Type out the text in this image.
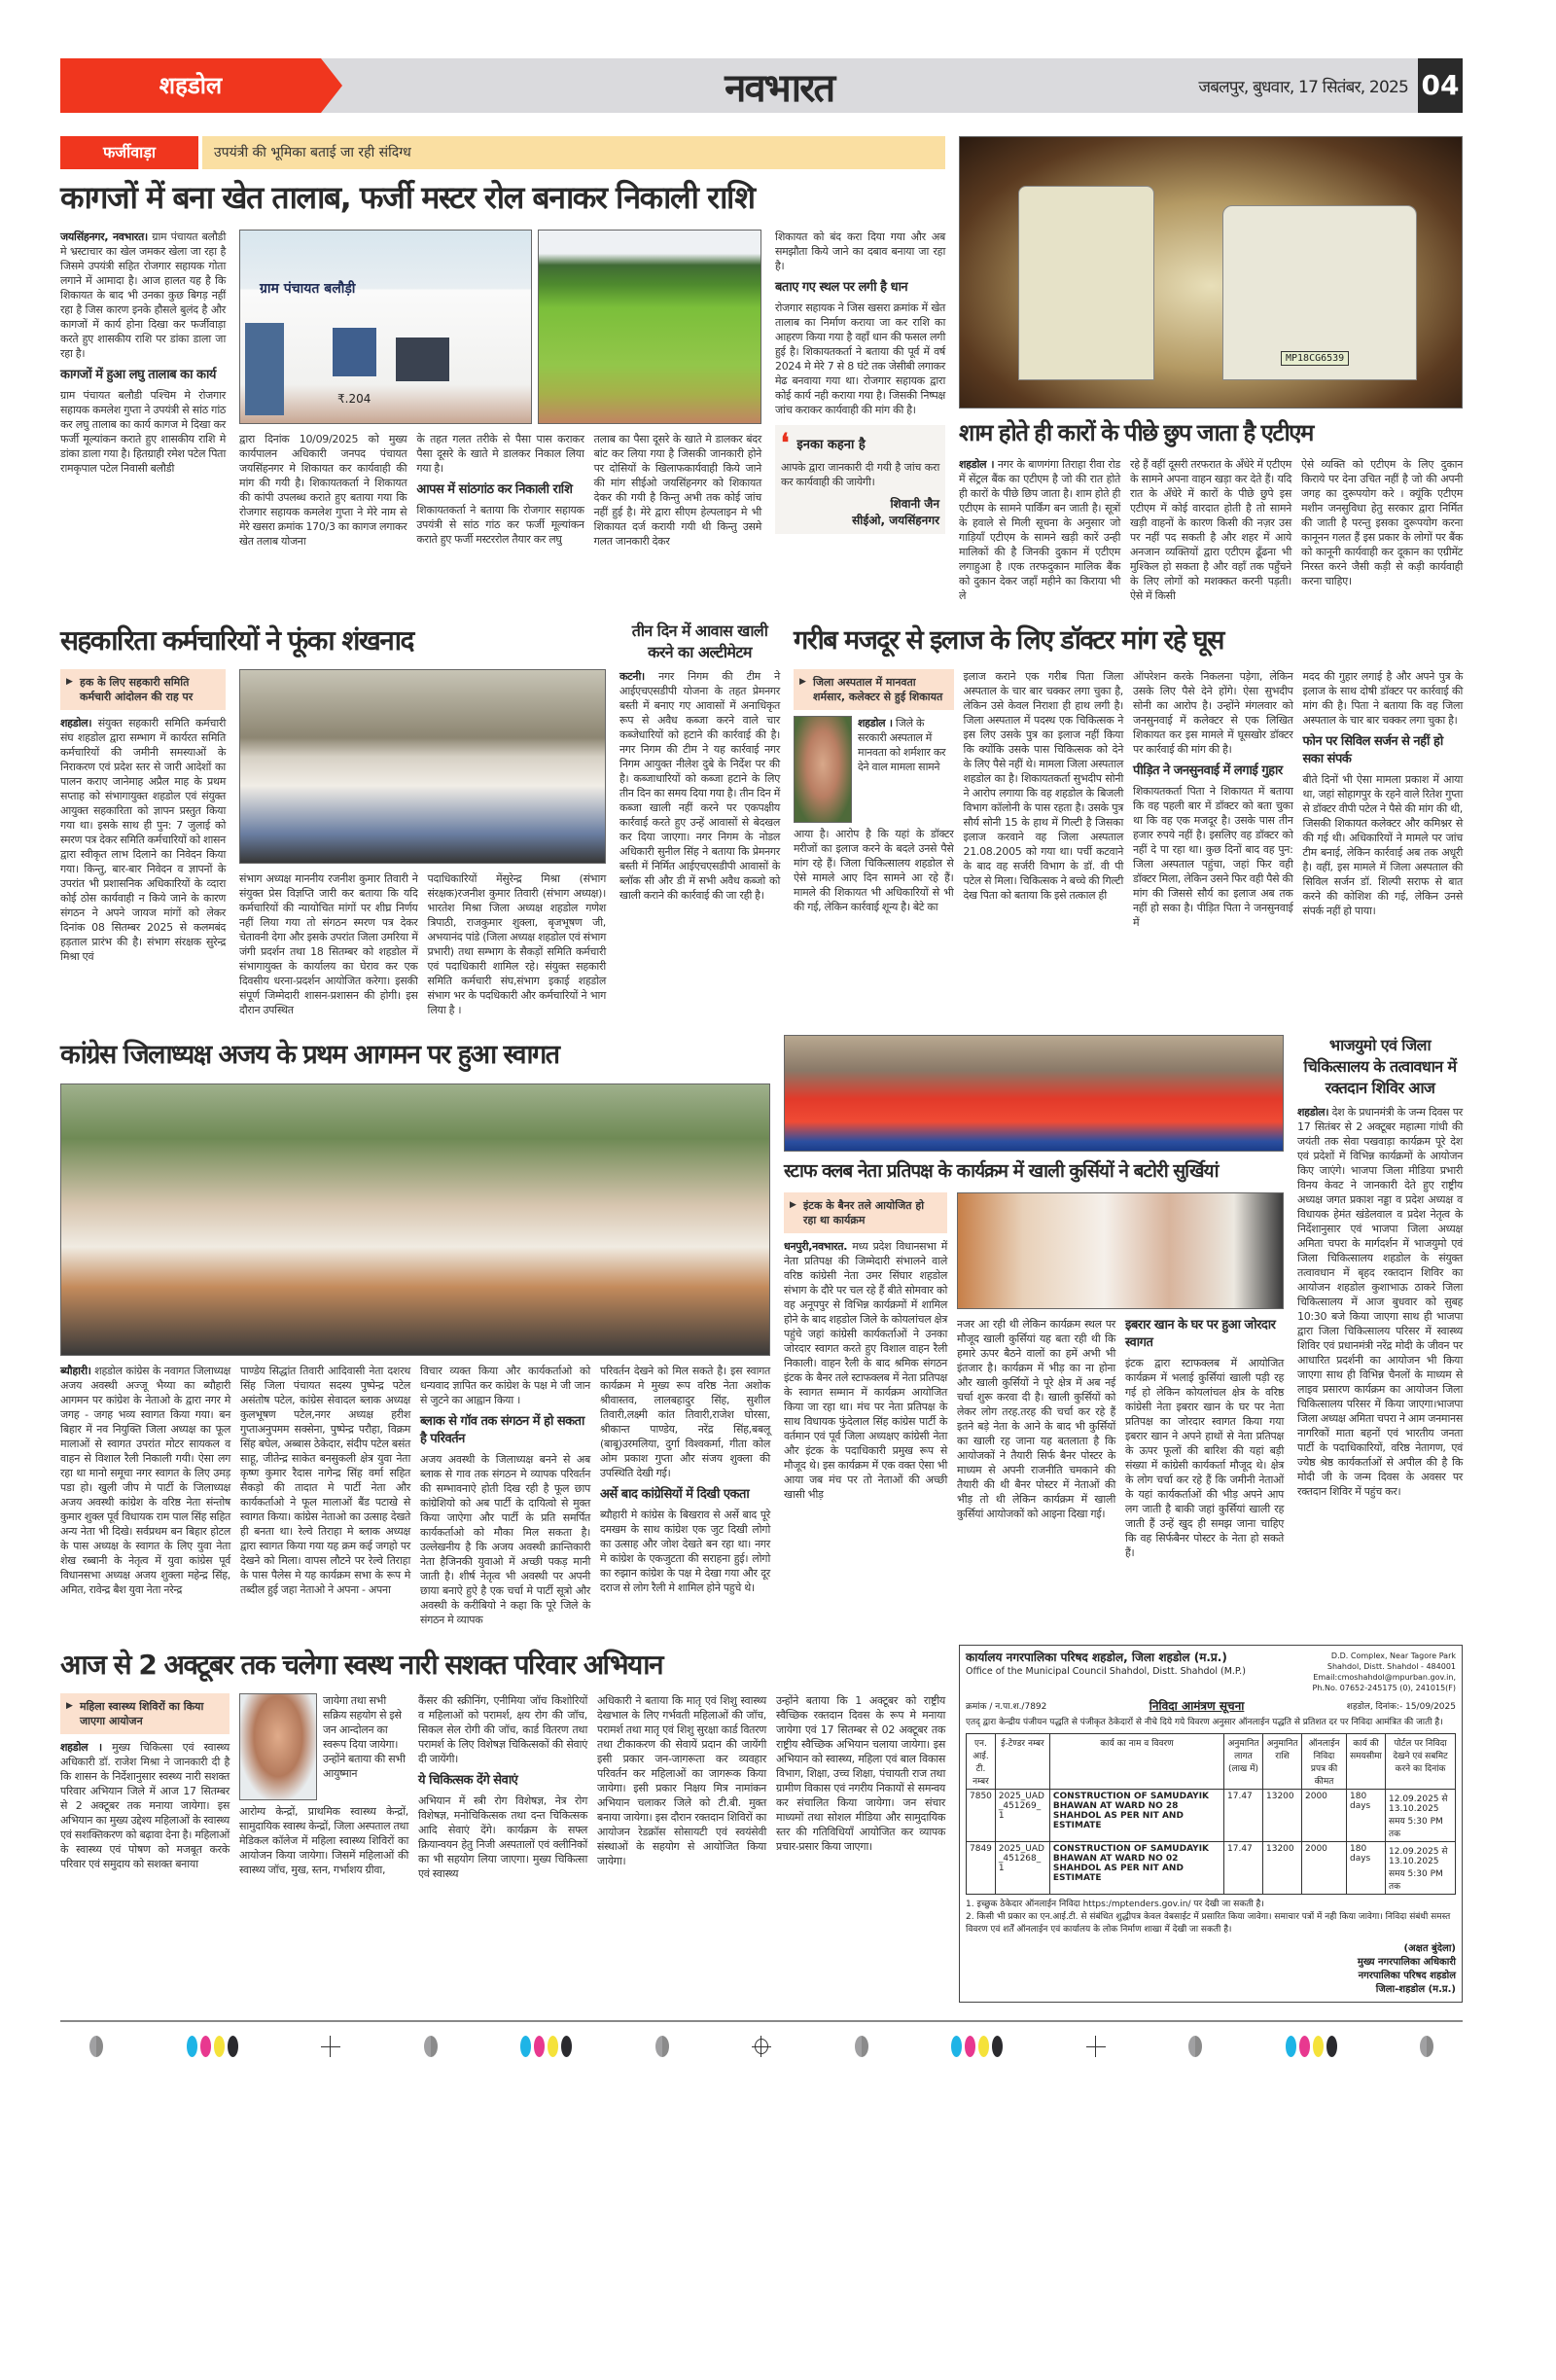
शहडोल	नवभारत	जबलपुर, बुधवार, 17 सितंबर, 2025 04
फर्जीवाड़ा	उपयंत्री की भूमिका बताई जा रही संदिग्ध
कागजों में बना खेत तालाब, फर्जी मस्टर रोल बनाकर निकाली राशि
जयसिंहनगर, नवभारत। ग्राम पंचायत बलौडी मे भ्रस्टाचार का खेल जमकर खेला जा रहा है जिसमे उपयंत्री सहित रोजगार सहायक गोता लगाने में आमादा है। आज हालत यह है कि शिकायत के बाद भी उनका कुछ बिगड़ नहीं रहा है जिस कारण इनके हौसले बुलंद है और कागजों में कार्य होना दिखा कर फर्जीवाड़ा करते हुए शासकीय राशि पर डांका डाला जा रहा है।
कागजों में हुआ लघु तालाब का कार्य
ग्राम पंचायत बलौडी पश्चिम मे रोजगार सहायक कमलेश गुप्ता ने उपयंत्री से सांठ गांठ कर लघु तालाब का कार्य कागज मे दिखा कर फर्जी मूल्यांकन कराते हुए शासकीय राशि मे डांका डाला गया है। हितग्राही रमेश पटेल पिता रामकृपाल पटेल निवासी बलौडी
ग्राम पंचायत बलौड़ी
₹.204
द्वारा दिनांक 10/09/2025 को मुख्य कार्यपालन अधिकारी जनपद पंचायत जयसिंहनगर मे शिकायत कर कार्यवाही की मांग की गयी है। शिकायतकर्ता ने शिकायत की कांपी उपलब्ध कराते हुए बताया गया कि रोजगार सहायक कमलेश गुप्ता ने मेरे नाम से मेरे खसरा क्रमांक 170/3 का कागज लगाकर खेत तलाब योजना
के तहत गलत तरीके से पैसा पास कराकर पैसा दूसरे के खाते मे डालकर निकाल लिया गया है।
आपस में सांठगांठ कर निकाली राशि
शिकायतकर्ता ने बताया कि रोजगार सहायक उपयंत्री से सांठ गांठ कर फर्जी मूल्यांकन कराते हुए फर्जी मस्टररोल तैयार कर लघु
तलाब का पैसा दूसरे के खाते मे डालकर बंदर बांट कर लिया गया है जिसकी जानकारी होने पर दोसियों के खिलाफकार्यवाही किये जाने की मांग सीईओ जयसिंहनगर को शिकायत देकर की गयी है किन्तु अभी तक कोई जांच नहीं हुई है। मेरे द्वारा सीएम हेल्पलाइन मे भी शिकायत दर्ज करायी गयी थी किन्तु उसमे गलत जानकारी देकर
शिकायत को बंद करा दिया गया और अब समझौता किये जाने का दबाव बनाया जा रहा है।
बताए गए स्थल पर लगी है धान
रोजगार सहायक ने जिस खसरा क्रमांक में खेत तालाब का निर्माण कराया जा कर राशि का आहरण किया गया है वहाँ धान की फसल लगी हुई है। शिकायतकर्ता ने बताया की पूर्व में वर्ष 2024 मे मेरे 7 से 8 घंटे तक जेसीबी लगाकर मेढ बनवाया गया था। रोजगार सहायक द्वारा कोई कार्य नही कराया गया है। जिसकी निष्पक्ष जांच कराकर कार्यवाही की मांग की है।
❛ इनका कहना है
आपके द्वारा जानकारी दी गयी है जांच करा कर कार्यवाही की जायेगी।
शिवानी जैन
सीईओ, जयसिंहनगर
MP18CG6539
शाम होते ही कारों के पीछे छुप जाता है एटीएम
शहडोल । नगर के बाणगंगा तिराहा रीवा रोड में सेंट्रल बैंक का एटीएम है जो की रात होते ही कारों के पीछे छिप जाता है। शाम होते ही एटीएम के सामने पार्किंग बन जाती है। सूत्रों के हवाले से मिली सूचना के अनुसार जो गाड़ियाँ एटीएम के सामने खड़ी कारें उन्ही मालिकों की है जिनकी दुकान में एटीएम लगाहुआ है ।एक तरफदुकान मालिक बैंक को दुकान देकर जहाँ महीने का किराया भी ले
रहे हैं वहीं दूसरी तरफरात के अँधेरे में एटीएम के सामने अपना वाहन खड़ा कर देते हैं। यदि रात के अँधेरे में कारों के पीछे छुपे इस एटीएम में कोई वारदात होती है तो सामने खड़ी वाहनों के कारण किसी की नज़र उस पर नहीं पद सकती है और शहर में आये अनजान व्यक्तियों द्वारा एटीएम ढूँढना भी मुश्किल हो सकता है और वहाँ तक पहुँचने के लिए लोगों को मशक्कत करनी पड़ती। ऐसे में किसी
ऐसे व्यक्ति को एटीएम के लिए दुकान किराये पर देना उचित नहीं है जो की अपनी जगह का दुरूपयोग करे । क्यूंकि एटीएम मशीन जनसुविधा हेतु सरकार द्वारा निर्मित की जाती है परन्तु इसका दुरूपयोग करना कानूनन गलत हैं इस प्रकार के लोगों पर बैंक को कानूनी कार्यवाही कर दूकान का एग्रीमेंट निरस्त करने जैसी कड़ी से कड़ी कार्यवाही करना चाहिए।
सहकारिता कर्मचारियों ने फूंका शंखनाद
▶ हक के लिए सहकारी समिति कर्मचारी आंदोलन की राह पर
शहडोल। संयुक्त सहकारी समिति कर्मचारी संघ शहडोल द्वारा सम्भाग में कार्यरत समिति कर्मचारियों की जमीनी समस्याओं के निराकरण एवं प्रदेश स्तर से जारी आदेशों का पालन कराए जानेमाह अप्रैल माह के प्रथम सप्ताह को संभागायुक्त शहडोल एवं संयुक्त आयुक्त सहकारिता को ज्ञापन प्रस्तुत किया गया था। इसके साथ ही पुन: 7 जुलाई को स्मरण पत्र देकर समिति कर्मचारियों को शासन द्वारा स्वीकृत लाभ दिलाने का निवेदन किया गया। किन्तु, बार-बार निवेदन व ज्ञापनों के उपरांत भी प्रशासनिक अधिकारियों के व्दारा कोई ठोस कार्यवाही न किये जाने के कारण संगठन ने अपने जायज मांगों को लेकर दिनांक 08 सितम्बर 2025 से कलमबंद हड़ताल प्रारंभ की है। संभाग संरक्षक सुरेन्द्र मिश्रा एवं
संभाग अध्यक्ष माननीय रजनीश कुमार तिवारी ने संयुक्त प्रेस विज्ञप्ति जारी कर बताया कि यदि कर्मचारियों की न्यायोचित मांगों पर शीघ्र निर्णय नहीं लिया गया तो संगठन स्मरण पत्र देकर चेतावनी देगा और इसके उपरांत जिला उमरिया में जंगी प्रदर्शन तथा 18 सितम्बर को शहडोल में संभागायुक्त के कार्यालय का घेराव कर एक दिवसीय धरना-प्रदर्शन आयोजित करेगा। इसकी संपूर्ण जिम्मेदारी शासन-प्रशासन की होगी। इस दौरान उपस्थित
पदाधिकारियों मेंसुरेन्द्र मिश्रा (संभाग संरक्षक)रजनीश कुमार तिवारी (संभाग अध्यक्ष)। भारतेश मिश्रा जिला अध्यक्ष शहडोल गणेश त्रिपाठी, राजकुमार शुक्ला, बृजभूषण जी, अभयानंद पांडे (जिला अध्यक्ष शहडोल एवं संभाग प्रभारी) तथा सम्भाग के सैकड़ों समिति कर्मचारी एवं पदाधिकारी शामिल रहे। संयुक्त सहकारी समिति कर्मचारी संघ,संभाग इकाई शहडोल संभाग भर के पदधिकारी और कर्मचारियों ने भाग लिया है ।
तीन दिन में आवास खाली करने का अल्टीमेटम
कटनी। नगर निगम की टीम ने आईएचएसडीपी योजना के तहत प्रेमनगर बस्ती में बनाए गए आवासों में अनाधिकृत रूप से अवैध कब्जा करने वाले चार कब्जेधारियों को हटाने की कार्रवाई की है। नगर निगम की टीम ने यह कार्रवाई नगर निगम आयुक्त नीलेश दुबे के निर्देश पर की है। कब्जाधारियों को कब्जा हटाने के लिए तीन दिन का समय दिया गया है। तीन दिन में कब्जा खाली नहीं करने पर एकपक्षीय कार्रवाई करते हुए उन्हें आवासों से बेदखल कर दिया जाएगा। नगर निगम के नोडल अधिकारी सुनील सिंह ने बताया कि प्रेमनगर बस्ती में निर्मित आईएचएसडीपी आवासों के ब्लॉक सी और डी में सभी अवैध कब्जो को खाली कराने की कार्रवाई की जा रही है।
गरीब मजदूर से इलाज के लिए डॉक्टर मांग रहे घूस
▶ जिला अस्पताल में मानवता शर्मसार, कलेक्टर से हुई शिकायत
शहडोल । जिले के सरकारी अस्पताल में मानवता को शर्मशार कर देने वाल मामला सामने
आया है। आरोप है कि यहां के डॉक्टर मरीजों का इलाज करने के बदले उनसे पैसे मांग रहे हैं। जिला चिकित्सालय शहडोल से ऐसे मामले आए दिन सामने आ रहे हैं। मामले की शिकायत भी अधिकारियों से भी की गई, लेकिन कार्रवाई शून्य है। बेटे का
इलाज कराने एक गरीब पिता जिला अस्पताल के चार बार चक्कर लगा चुका है, लेकिन उसे केवल निराशा ही हाथ लगी है। जिला अस्पताल में पदस्थ एक चिकित्सक ने इस लिए उसके पुत्र का इलाज नहीं किया कि क्योंकि उसके पास चिकित्सक को देने के लिए पैसे नहीं थे। मामला जिला अस्पताल शहडोल का है। शिकायतकर्ता सुभदीप सोनी ने आरोप लगाया कि वह शहडोल के बिजली विभाग कॉलोनी के पास रहता है। उसके पुत्र सौर्य सोनी 15 के हाथ में गिल्टी है जिसका इलाज करवाने वह जिला अस्पताल 21.08.2005 को गया था। पर्ची कटवाने के बाद वह सर्जरी विभाग के डॉ. वी पी पटेल से मिला। चिकित्सक ने बच्चे की गिल्टी देख पिता को बताया कि इसे तत्काल ही
ऑपरेशन करके निकलना पड़ेगा, लेकिन उसके लिए पैसे देने होंगे। ऐसा सुभदीप सोनी का आरोप है। उन्होंने मंगलवार को जनसुनवाई में कलेक्टर से एक लिखित शिकायत कर इस मामले में घूसखोर डॉक्टर पर कार्रवाई की मांग की है।
पीड़ित ने जनसुनवाई में लगाई गुहार
शिकायतकर्ता पिता ने शिकायत में बताया कि वह पहली बार में डॉक्टर को बता चुका था कि वह एक मजदूर है। उसके पास तीन हजार रुपये नहीं है। इसलिए वह डॉक्टर को नहीं दे पा रहा था। कुछ दिनों बाद वह पुन: जिला अस्पताल पहुंचा, जहां फिर वही डॉक्टर मिला, लेकिन उसने फिर वही पैसे की मांग की जिससे सौर्य का इलाज अब तक नहीं हो सका है। पीड़ित पिता ने जनसुनवाई में
मदद की गुहार लगाई है और अपने पुत्र के इलाज के साथ दोषी डॉक्टर पर कार्रवाई की मांग की है। पिता ने बताया कि वह जिला अस्पताल के चार बार चक्कर लगा चुका है।
फोन पर सिविल सर्जन से नहीं हो सका संपर्क
बीते दिनों भी ऐसा मामला प्रकाश में आया था, जहां सोहागपुर के रहने वाले रितेश गुप्ता से डॉक्टर वीपी पटेल ने पैसे की मांग की थी, जिसकी शिकायत कलेक्टर और कमिश्नर से की गई थी। अधिकारियों ने मामले पर जांच टीम बनाई, लेकिन कार्रवाई अब तक अधूरी है। वहीं, इस मामले में जिला अस्पताल की सिविल सर्जन डॉ. शिल्पी सराफ से बात करने की कोशिश की गई, लेकिन उनसे संपर्क नहीं हो पाया।
कांग्रेस जिलाध्यक्ष अजय के प्रथम आगमन पर हुआ स्वागत
ब्यौहारी। शहडोल कांग्रेस के नवागत जिलाध्यक्ष अजय अवस्थी अज्जू भैय्या का ब्यौहारी आगमन पर कांग्रेश के नेताओ के द्वारा नगर मे जगह - जगह भव्य स्वागत किया गया। बन बिहार में नव नियुक्ति जिला अध्यक्ष का फूल मालाओं से स्वागत उपरांत मोटर सायकल व वाहन से विशाल रैली निकाली गयी। ऐसा लग रहा था मानो समूचा नगर स्वागत के लिए उमड़ पडा हो। खुली जीप मे पार्टी के जिलाध्यक्ष अजय अवस्थी कांग्रेश के वरिष्ठ नेता संन्तोष कुमार शुक्ल पूर्व विधायक राम पाल सिंह सहित अन्य नेता भी दिखे। सर्वप्रथम बन बिहार होटल के पास अध्यक्ष के स्वागत के लिए युवा नेता शेख रब्बानी के नेतृत्व में युवा कांग्रेस पूर्व विधानसभा अध्यक्ष अजय शुक्ला महेन्द्र सिंह, अमित, रावेन्द्र बैश युवा नेता नरेन्द्र
पाण्डेय सिद्धांत तिवारी आदिवासी नेता दशरथ सिंह जिला पंचायत सदस्य पुष्पेन्द्र पटेल असंतोष पटेल, कांग्रेस सेवादल ब्लाक अध्यक्ष कुलभूषण पटेल,नगर अध्यक्ष हरीश गुप्ताअनुपमम सक्सेना, पुष्पेन्द्र परौहा, विक्रम सिंह बघेल, अब्बास ठेकेदार, संदीप पटेल बसंत साहू, जीतेन्द्र साकेत बनसुकली क्षेत्र युवा नेता कृष्ण कुमार रैदास नागेन्द्र सिंह वर्मा सहित सैकड़ो की तादात मे पार्टी नेता और कार्यकर्ताओ ने फूल मालाओं बैंड पटाखे से स्वागत किया। कांग्रेस नेताओ का उत्साह देखते ही बनता था। रेल्वे तिराहा मे ब्लाक अध्यक्ष द्वारा स्वागत किया गया यह क्रम कई जगहो पर देखने को मिला। वापस लौटने पर रेल्वे तिराहा के पास पैलेस मे यह कार्यक्रम सभा के रूप मे तब्दील हुई जहा नेताओ ने अपना - अपना
विचार व्यक्त किया और कार्यकर्ताओ को धन्यवाद ज्ञापित कर कांग्रेश के पक्ष मे जी जान से जुटने का आह्वान किया ।
ब्लाक से गॉव तक संगठन में हो सकता है परिवर्तन
अजय अवस्थी के जिलाध्यक्ष बनने से अब ब्लाक से गाव तक संगठन मे व्यापक परिवर्तन की सम्भावनाऐ होती दिख रही है फूल छाप कांग्रेशियो को अब पार्टी के दायित्वो से मुक्त किया जाऐगा और पार्टी के प्रति समर्पित कार्यकर्ताओ को मौका मिल सकता है। उल्लेखनीय है कि अजय अवस्थी क्रान्तिकारी नेता हैजिनकी युवाओ में अच्छी पकड़ मानी जाती है। शीर्ष नेतृत्व भी अवस्थी पर अपनी छाया बनाऐ हुऐ है एक चर्चा मे पार्टी सूत्रो और अवस्थी के करीबियो ने कहा कि पूरे जिले के संगठन मे व्यापक
परिवर्तन देखने को मिल सकते है। इस स्वागत कार्यक्रम मे मुख्य रूप वरिष्ठ नेता अशोक श्रीवास्तव, लालबहादुर सिंह, सुशील तिवारी,लक्ष्मी कांत तिवारी,राजेश घोरसा, श्रीकान्त पाण्डेय, नरेंद्र सिंह,बबलू (बाबू)उरमलिया, दुर्गा विश्वकर्मा, गीता कोल ओम प्रकाश गुप्ता और संजय शुक्ला की उपस्थिति देखी गई।
अर्से बाद कांग्रेसियों में दिखी एकता
ब्यौहारी मे कांग्रेस के बिखराव से अर्से बाद पूरे दमखम के साथ कांग्रेश एक जुट दिखी लोगो का उत्साह और जोश देखते बन रहा था। नगर मे कांग्रेश के एकजुटता की सराहना हुई। लोगो का रुझान कांग्रेश के पक्ष मे देखा गया और दूर दराज से लोग रैली मे शामिल होने पहुचे थे।
स्टाफ क्लब नेता प्रतिपक्ष के कार्यक्रम में खाली कुर्सियों ने बटोरी सुर्खियां
▶ इंटक के बैनर तले आयोजित हो रहा था कार्यक्रम
धनपुरी,नवभारत. मध्य प्रदेश विधानसभा में नेता प्रतिपक्ष की जिम्मेदारी संभालने वाले वरिष्ठ कांग्रेसी नेता उमर सिंघार शहडोल संभाग के दौरे पर चल रहे हैं बीते सोमवार को वह अनूपपुर से विभिन्न कार्यक्रमों में शामिल होने के बाद शहडोल जिले के कोयलांचल क्षेत्र पहुंचे जहां कांग्रेसी कार्यकर्ताओं ने उनका जोरदार स्वागत करते हुए विशाल वाहन रैली निकाली। वाहन रैली के बाद श्रमिक संगठन इंटक के बैनर तले स्टाफक्लब में नेता प्रतिपक्ष के स्वागत सम्मान में कार्यक्रम आयोजित किया जा रहा था। मंच पर नेता प्रतिपक्ष के साथ विधायक फुंदेलाल सिंह कांग्रेस पार्टी के वर्तमान एवं पूर्व जिला अध्यक्षए कांग्रेसी नेता और इंटक के पदाधिकारी प्रमुख रूप से मौजूद थे। इस कार्यक्रम में एक वक्त ऐसा भी आया जब मंच पर तो नेताओं की अच्छी खासी भीड़
नजर आ रही थी लेकिन कार्यक्रम स्थल पर मौजूद खाली कुर्सियां यह बता रही थी कि हमारे ऊपर बैठने वालों का हमें अभी भी इंतजार है। कार्यक्रम में भीड़ का ना होना और खाली कुर्सियों ने पूरे क्षेत्र में अब नई चर्चा शुरू करवा दी है। खाली कुर्सियों को लेकर लोग तरह.तरह की चर्चा कर रहे हैं इतने बड़े नेता के आने के बाद भी कुर्सियों का खाली रह जाना यह बतलाता है कि आयोजकों ने तैयारी सिर्फ बैनर पोस्टर के माध्यम से अपनी राजनीति चमकाने की तैयारी की थी बैनर पोस्टर में नेताओं की भीड़ तो थी लेकिन कार्यक्रम में खाली कुर्सियां आयोजकों को आइना दिखा गई।
इबरार खान के घर पर हुआ जोरदार स्वागत
इंटक द्वारा स्टाफक्लब में आयोजित कार्यक्रम में भलाई कुर्सियां खाली पड़ी रह गई हो लेकिन कोयलांचल क्षेत्र के वरिष्ठ कांग्रेसी नेता इबरार खान के घर पर नेता प्रतिपक्ष का जोरदार स्वागत किया गया इबरार खान ने अपने हाथों से नेता प्रतिपक्ष के ऊपर फूलों की बारिश की यहां बड़ी संख्या में कांग्रेसी कार्यकर्ता मौजूद थे। क्षेत्र के लोग चर्चा कर रहे हैं कि जमीनी नेताओं के यहां कार्यकर्ताओं की भीड़ अपने आप लग जाती है बाकी जहां कुर्सियां खाली रह जाती हैं उन्हें खुद ही समझ जाना चाहिए कि वह सिर्फबैनर पोस्टर के नेता हो सकते हैं।
भाजयुमो एवं जिला चिकित्सालय के तत्वावधान में रक्तदान शिविर आज
शहडोल। देश के प्रधानमंत्री के जन्म दिवस पर 17 सितंबर से 2 अक्टूबर महात्मा गांधी की जयंती तक सेवा पखवाड़ा कार्यक्रम पूरे देश एवं प्रदेशों में विभिन्न कार्यक्रमों के आयोजन किए जाएंगे। भाजपा जिला मीडिया प्रभारी विनय केवट ने जानकारी देते हुए राष्ट्रीय अध्यक्ष जगत प्रकाश नड्डा व प्रदेश अध्यक्ष व विधायक हेमंत खंडेलवाल व प्रदेश नेतृत्व के निर्देशानुसार एवं भाजपा जिला अध्यक्ष अमिता चपरा के मार्गदर्शन में भाजयुमो एवं जिला चिकित्सालय शहडोल के संयुक्त तत्वावधान में बृहद रक्तदान शिविर का आयोजन शहडोल कुशाभाऊ ठाकरे जिला चिकित्सालय में आज बुधवार को सुबह 10:30 बजे किया जाएगा साथ ही भाजपा द्वारा जिला चिकित्सालय परिसर में स्वास्थ्य शिविर एवं प्रधानमंत्री नरेंद्र मोदी के जीवन पर आधारित प्रदर्शनी का आयोजन भी किया जाएगा साथ ही विभिन्न चैनलों के माध्यम से लाइव प्रसारण कार्यक्रम का आयोजन जिला चिकित्सालय परिसर में किया जाएगा।भाजपा जिला अध्यक्ष अमिता चपरा ने आम जनमानस नागरिकों माता बहनों एवं भारतीय जनता पार्टी के पदाधिकारियों, वरिष्ठ नेतागण, एवं ज्येष्ठ श्रेष्ठ कार्यकर्ताओं से अपील की है कि मोदी जी के जन्म दिवस के अवसर पर रक्तदान शिविर में पहुंच कर।
आज से 2 अक्टूबर तक चलेगा स्वस्थ नारी सशक्त परिवार अभियान
▶ महिला स्वास्थ्य शिविरों का किया जाएगा आयोजन
शहडोल । मुख्य चिकित्सा एवं स्वास्थ्य अधिकारी डॉ. राजेश मिश्रा ने जानकारी दी है कि शासन के निर्देशानुसार स्वस्थ्य नारी सशक्त परिवार अभियान जिले में आज 17 सितम्बर से 2 अक्टूबर तक मनाया जायेगा। इस अभियान का मुख्य उद्देश्य महिलाओं के स्वास्थ्य एवं सशक्तिकरण को बढ़ावा देना है। महिलाओं के स्वास्थ्य एवं पोषण को मजबूत करके परिवार एवं समुदाय को सशक्त बनाया
जायेगा तथा सभी सक्रिय सहयोग से इसे जन आन्दोलन का स्वरूप दिया जायेगा। उन्होंने बताया की सभी आयुष्मान
आरोग्य केन्द्रों, प्राथमिक स्वास्थ्य केन्द्रों, सामुदायिक स्वास्थ केन्द्रों, जिला अस्पताल तथा मेडिकल कॉलेज में महिला स्वास्थ्य शिविरों का आयोजन किया जायेगा। जिसमें महिलाओं की स्वास्थ्य जॉच, मुख, स्तन, गर्भाशय ग्रीवा,
कैंसर की स्क्रीनिंग, एनीमिया जॉच किशोरियों व महिलाओं को परामर्श, क्षय रोग की जॉच, सिकल सेल रोगी की जॉच, कार्ड वितरण तथा परामर्श के लिए विशेषज्ञ चिकित्सकों की सेवाएं दी जायेंगी।
ये चिकित्सक देंगे सेवाएं
अभियान में स्त्री रोग विशेषज्ञ, नेत्र रोग विशेषज्ञ, मनोचिकित्सक तथा दन्त चिकित्सक आदि सेवाएं देंगे। कार्यक्रम के सफ्ल क्रियान्वयन हेतु निजी अस्पतालों एवं क्लीनिकों का भी सहयोग लिया जाएगा। मुख्य चिकित्सा एवं स्वास्थ्य
अधिकारी ने बताया कि मातृ एवं शिशु स्वास्थ्य देखभाल के लिए गर्भवती महिलाओं की जॉच, परामर्श तथा मातृ एवं शिशु सुरक्षा कार्ड वितरण तथा टीकाकरण की सेवायें प्रदान की जायेंगी इसी प्रकार जन-जागरूता कर व्यवहार परिवर्तन कर महिलाओं का जागरूक किया जायेगा। इसी प्रकार निक्षय मित्र नामांकन अभियान चलाकर जिले को टी.बी. मुक्त बनाया जायेगा। इस दौरान रक्तदान शिविरों का आयोजन रेडक्रॉस सोसायटी एवं स्वयंसेवी संस्थाओं के सहयोग से आयोजित किया जायेगा।
उन्होंने बताया कि 1 अक्टूबर को राष्ट्रीय स्वैच्छिक रक्तदान दिवस के रूप मे मनाया जायेगा एवं 17 सितम्बर से 02 अक्टूबर तक राष्ट्रीय स्वैच्छिक अभियान चलाया जायेगा। इस अभियान को स्वास्थ्य, महिला एवं बाल विकास विभाग, शिक्षा, उच्च शिक्षा, पंचायती राज तथा ग्रामीण विकास एवं नगरीय निकायों से समन्वय कर संचालित किया जायेगा। जन संचार माध्यमों तथा सोशल मीडिया और सामुदायिक स्तर की गतिविधियाँ आयोजित कर व्यापक प्रचार-प्रसार किया जाएगा।
कार्यालय नगरपालिका परिषद शहडोल, जिला शहडोल (म.प्र.)
Office of the Municipal Council Shahdol, Distt. Shahdol (M.P.)
D.D. Complex, Near Tagore Park
Shahdol, Distt. Shahdol - 484001
Email:cmoshahdol@mpurban.gov.in,
Ph.No. 07652-245175 (0), 241015(F)
क्रमांक / न.पा.श./7892	निविदा आमंत्रण सूचना	शहडोल, दिनांक:- 15/09/2025
एतद् द्वारा केन्द्रीय पंजीयन पद्धति से पंजीकृत ठेकेदारों से नीचे दिये गये विवरण अनुसार ऑनलाईन पद्धति से प्रतिशत दर पर निविदा आमंत्रित की जाती है।
एन. आई. टी. नम्बर	ई-टेण्डर नम्बर	कार्य का नाम व विवरण	अनुमानित लागत (लाख में)	अनुमानित राशि	ऑनलाईन निविदा प्रपत्र की कीमत	कार्य की समयसीमा	पोर्टल पर निविदा देखने एवं सबमिट करने का दिनांक
7850	2025_UAD_451269_1	CONSTRUCTION OF SAMUDAYIK BHAWAN AT WARD NO 28 SHAHDOL AS PER NIT AND ESTIMATE	17.47	13200	2000	180 days	12.09.2025 से 13.10.2025 समय 5:30 PM तक
7849	2025_UAD_451268_1	CONSTRUCTION OF SAMUDAYIK BHAWAN AT WARD NO 02 SHAHDOL AS PER NIT AND ESTIMATE	17.47	13200	2000	180 days	12.09.2025 से 13.10.2025 समय 5:30 PM तक
1. इच्छुक ठेकेदार ऑनलाईन निविदा https:/mptenders.gov.in/ पर देखी जा सकती है।
2. किसी भी प्रकार का एन.आई.टी. से संबंधित शुद्धीपत्र केवल वेबसाईट में प्रसारित किया जावेगा। समाचार पत्रों में नही किया जावेगा। निविदा संबंधी समस्त विवरण एवं शर्तें ऑनलाईन एवं कार्यालय के लोक निर्माण शाखा में देखी जा सकती है।
(अक्षत बुंदेला)
मुख्य नगरपालिका अधिकारी
नगरपालिका परिषद शहडोल
जिला-शहडोल (म.प्र.)
